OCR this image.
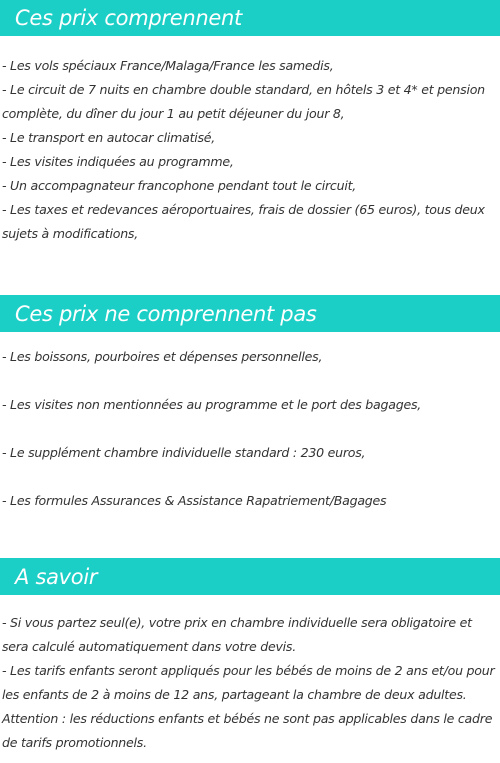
Ces prix comprennent
- Les vols spéciaux France/Malaga/France les samedis,
- Le circuit de 7 nuits en chambre double standard, en hôtels 3 et 4* et pension
complète, du dîner du jour 1 au petit déjeuner du jour 8,
- Le transport en autocar climatisé,
- Les visites indiquées au programme,
- Un accompagnateur francophone pendant tout le circuit,
- Les taxes et redevances aéroportuaires, frais de dossier (65 euros), tous deux
sujets à modifications,
Ces prix ne comprennent pas
- Les boissons, pourboires et dépenses personnelles,
- Les visites non mentionnées au programme et le port des bagages,
- Le supplément chambre individuelle standard : 230 euros,
- Les formules Assurances & Assistance Rapatriement/Bagages
A savoir
- Si vous partez seul(e), votre prix en chambre individuelle sera obligatoire et
sera calculé automatiquement dans votre devis.
- Les tarifs enfants seront appliqués pour les bébés de moins de 2 ans et/ou pour
les enfants de 2 à moins de 12 ans, partageant la chambre de deux adultes.
Attention : les réductions enfants et bébés ne sont pas applicables dans le cadre
de tarifs promotionnels.
